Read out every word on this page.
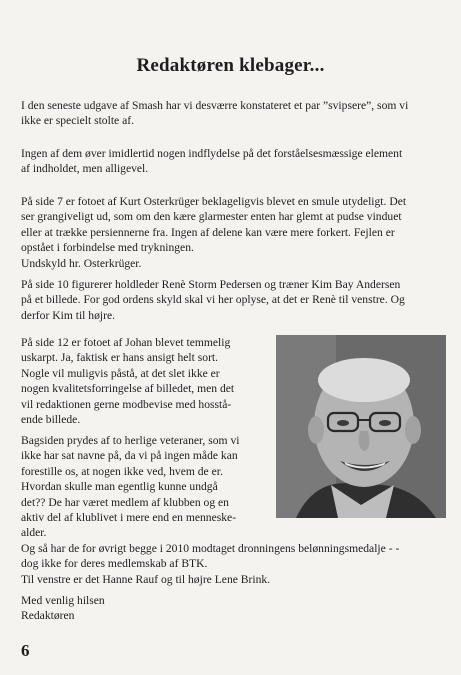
Redaktøren klebager...

I den seneste udgave af Smash har vi desværre konstateret et par ”svipsere”, som vi
ikke er specielt stolte af.

Ingen af dem øver imidlertid nogen indflydelse på det forståelsesmæssige element
af indholdet, men alligevel.

På side 7 er fotoet af Kurt Osterkrüger beklageligvis blevet en smule utydeligt. Det
ser grangiveligt ud, som om den kære glarmester enten har glemt at pudse vinduet
eller at trække persiennerne fra. Ingen af delene kan være mere forkert. Fejlen er
opstået i forbindelse med trykningen.
Undskyld hr. Osterkrüger.

På side 10 figurerer holdleder Renè Storm Pedersen og træner Kim Bay Andersen
på et billede. For god ordens skyld skal vi her oplyse, at det er Renè til venstre. Og
derfor Kim til højre.

På side 12 er fotoet af Johan blevet temmelig
uskarpt. Ja, faktisk er hans ansigt helt sort.
Nogle vil muligvis påstå, at det slet ikke er
nogen kvalitetsforringelse af billedet, men det
vil redaktionen gerne modbevise med hosstå-
ende billede.

Bagsiden prydes af to herlige veteraner, som vi
ikke har sat navne på, da vi på ingen måde kan
forestille os, at nogen ikke ved, hvem de er.
Hvordan skulle man egentlig kunne undgå
det?? De har været medlem af klubben og en
aktiv del af klublivet i mere end en menneske-
alder.
Og så har de for øvrigt begge i 2010 modtaget dronningens belønningsmedalje - -
dog ikke for deres medlemskab af BTK.
Til venstre er det Hanne Rauf og til højre Lene Brink.

Med venlig hilsen
Redaktøren

6
